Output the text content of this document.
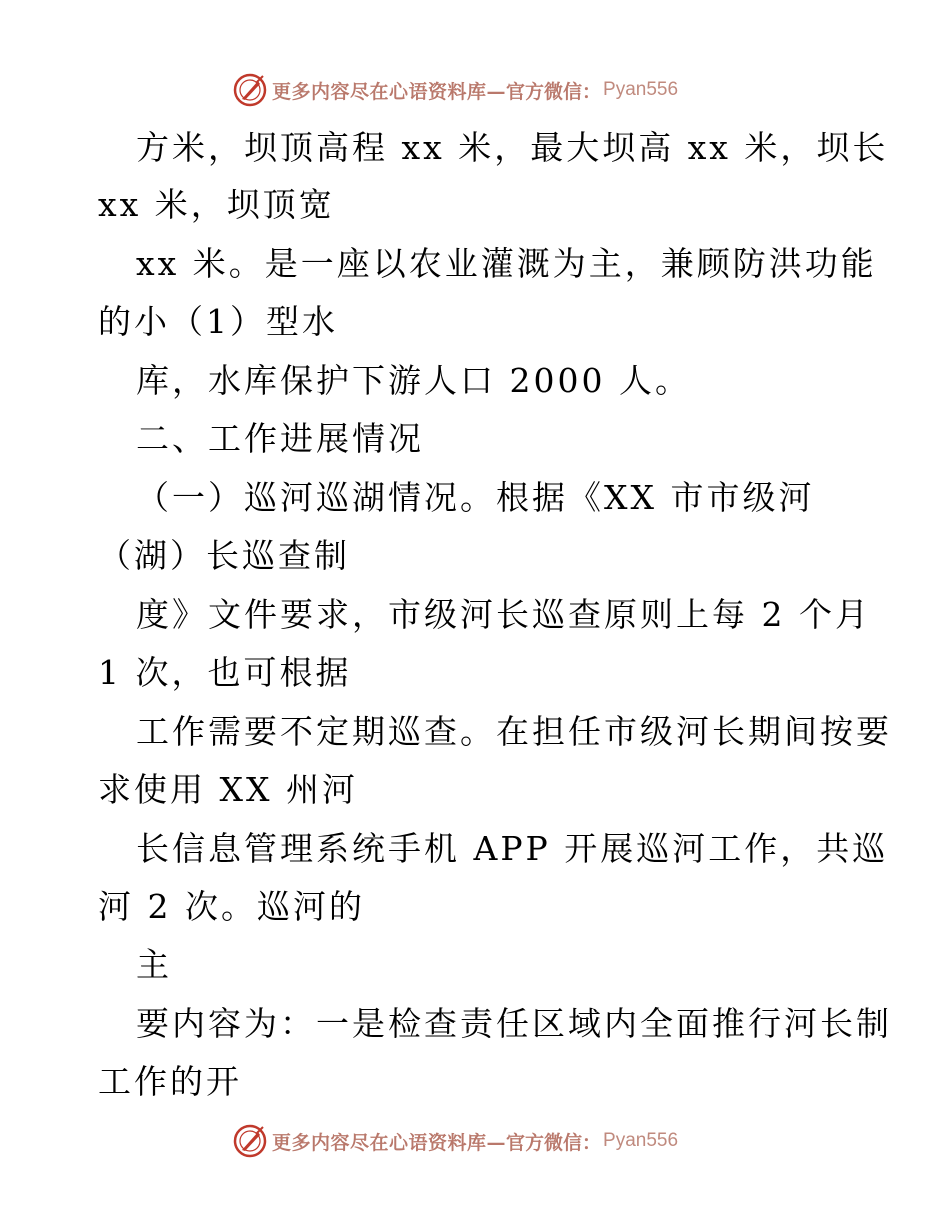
更多内容尽在心语资料库— 官方微信： Pyan556
方米，坝顶高程 xx 米，最大坝高 xx 米，坝长
xx 米，坝顶宽
xx 米。是一座以农业灌溉为主，兼顾防洪功能
的小（1）型水
库，水库保护下游人口 2000 人。
二、工作进展情况
（一）巡河巡湖情况。根据《XX 市市级河
（湖）长巡查制
度》文件要求，市级河长巡查原则上每 2 个月
1 次，也可根据
工作需要不定期巡查。在担任市级河长期间按要
求使用 XX 州河
长信息管理系统手机 APP 开展巡河工作，共巡
河 2 次。巡河的
主
要内容为：一是检查责任区域内全面推行河长制
工作的开
更多内容尽在心语资料库— 官方微信： Pyan556
